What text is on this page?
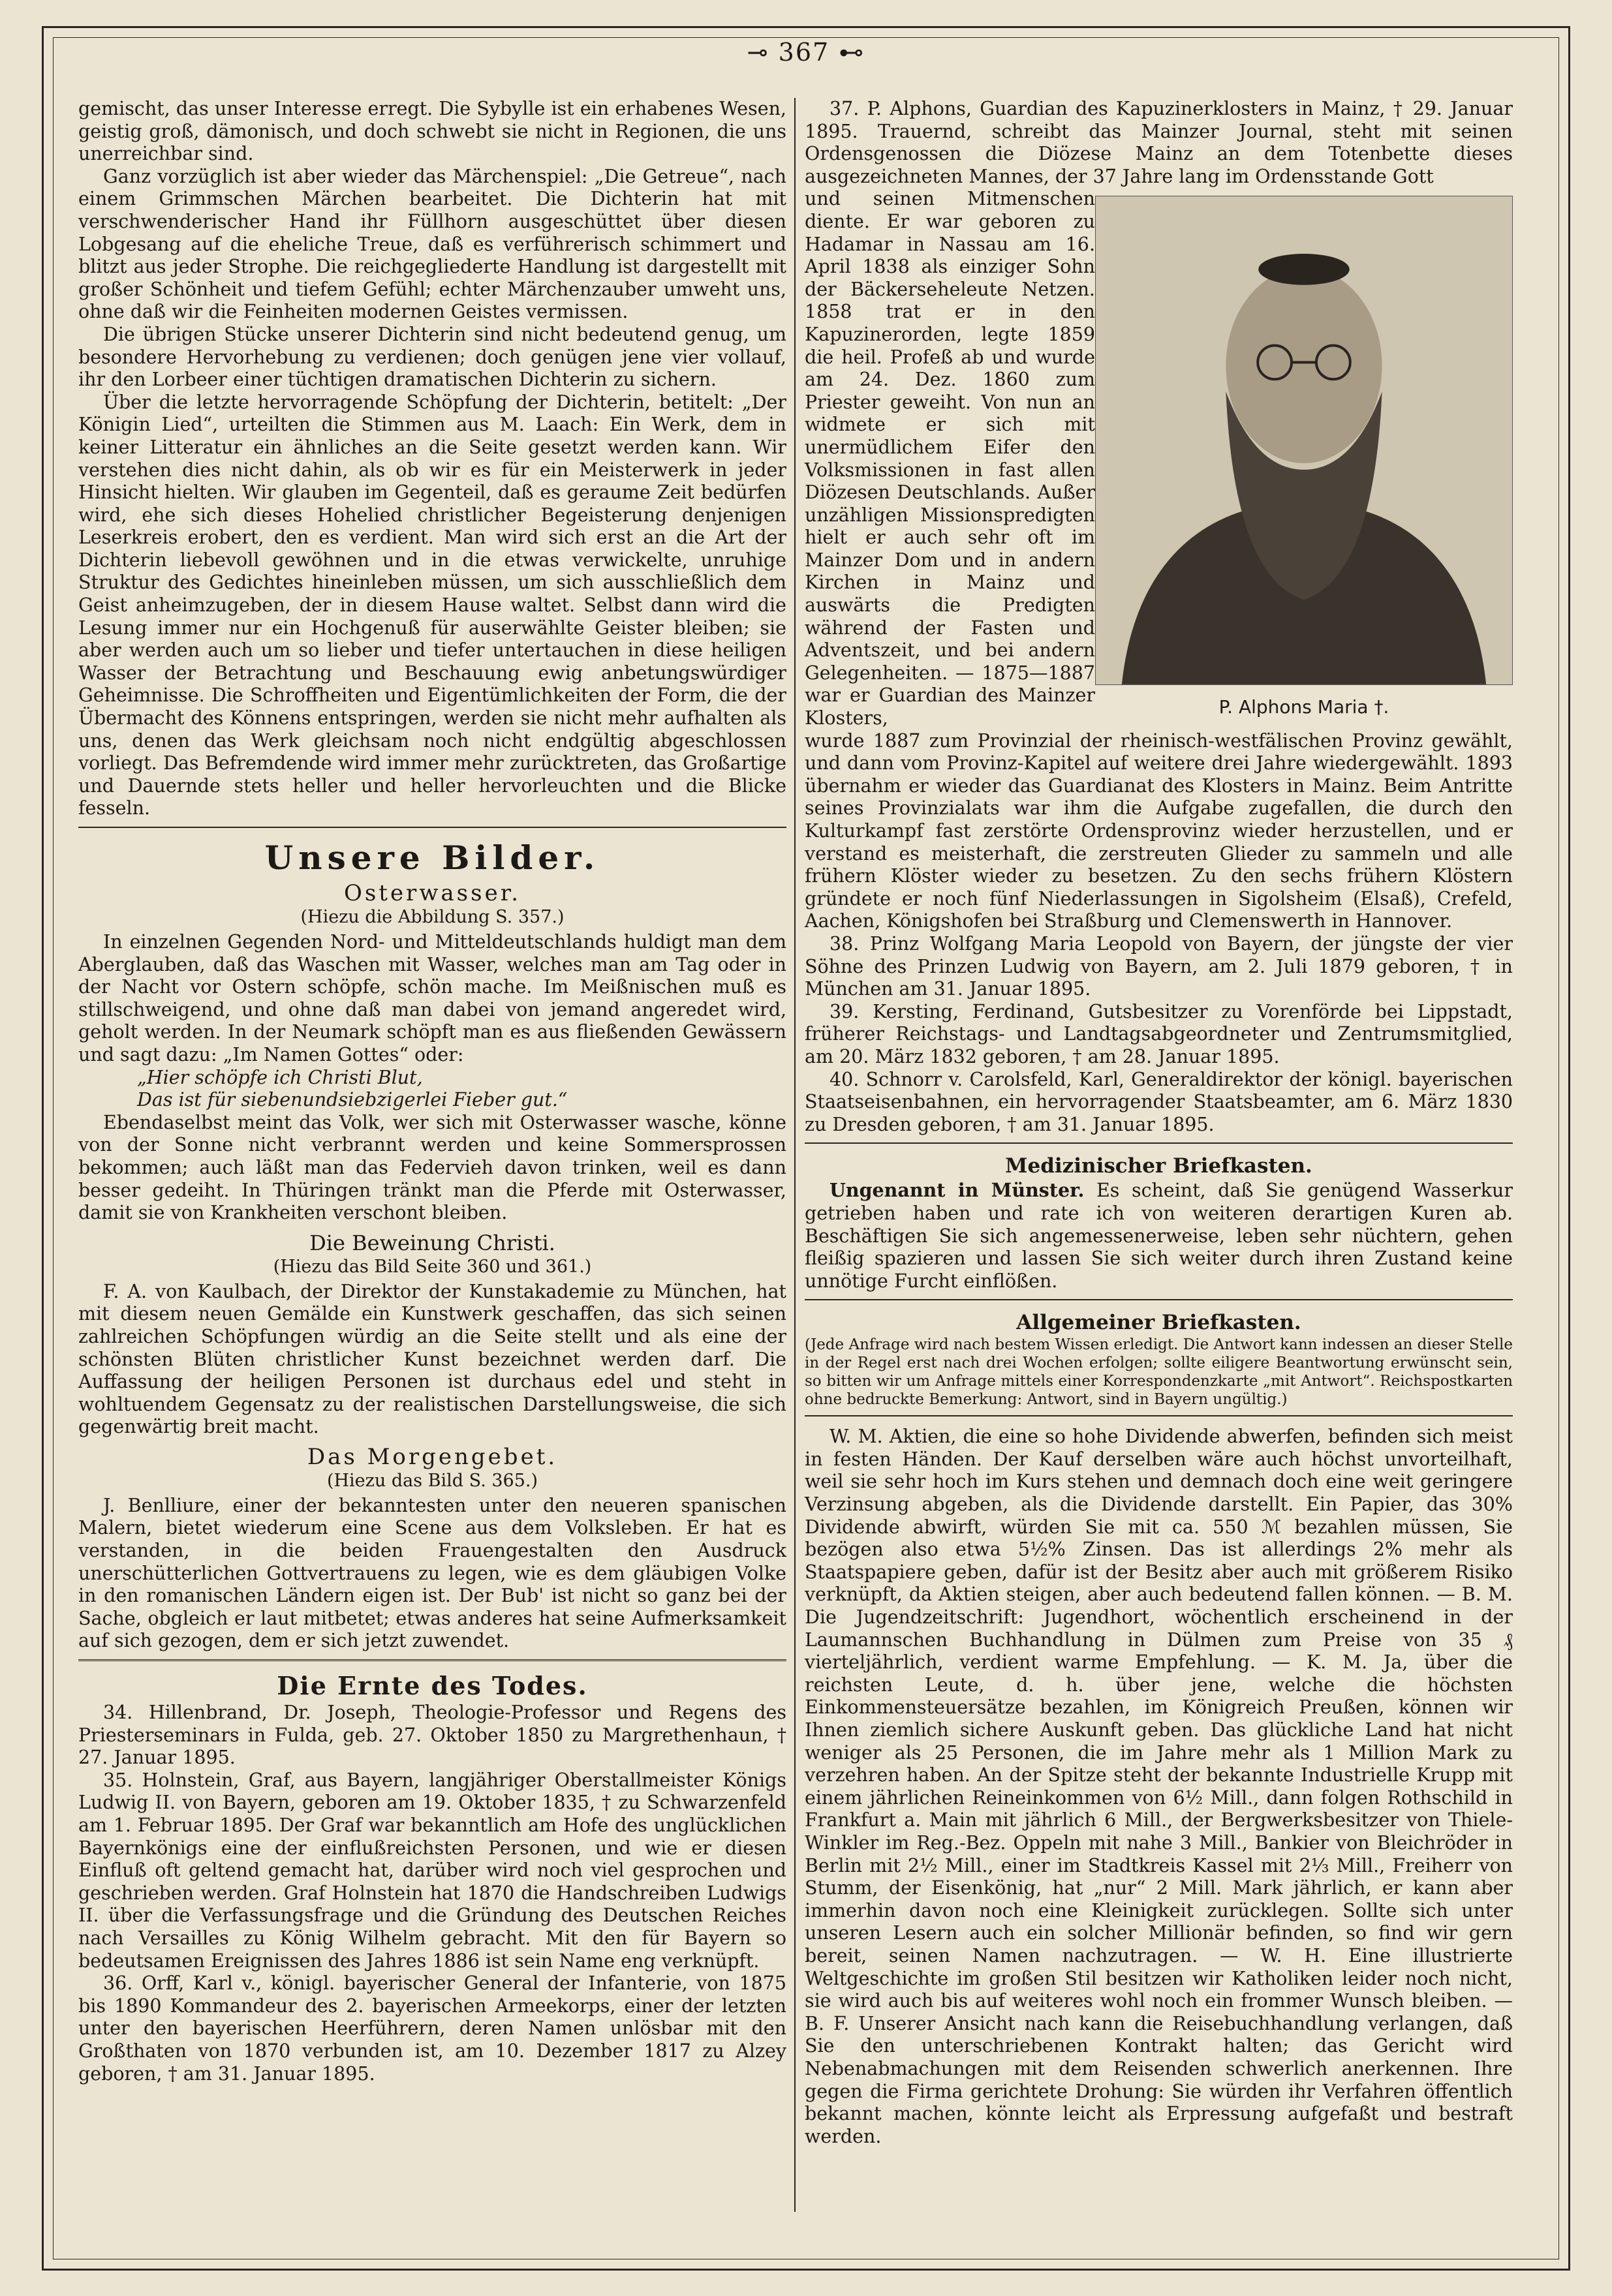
⊸ 367 ⊷

gemischt, das unser Interesse erregt. Die Sybylle ist ein erhabenes Wesen, geistig groß, dämonisch, und doch schwebt sie nicht in Regionen, die uns unerreichbar sind.

Ganz vorzüglich ist aber wieder das Märchenspiel: „Die Getreue“, nach einem Grimmschen Märchen bearbeitet. Die Dichterin hat mit verschwenderischer Hand ihr Füllhorn ausgeschüttet über diesen Lobgesang auf die eheliche Treue, daß es verführerisch schimmert und blitzt aus jeder Strophe. Die reichgegliederte Handlung ist dargestellt mit großer Schönheit und tiefem Gefühl; echter Märchenzauber umweht uns, ohne daß wir die Feinheiten modernen Geistes vermissen.

Die übrigen Stücke unserer Dichterin sind nicht bedeutend genug, um besondere Hervorhebung zu verdienen; doch genügen jene vier vollauf, ihr den Lorbeer einer tüchtigen dramatischen Dichterin zu sichern.

Über die letzte hervorragende Schöpfung der Dichterin, betitelt: „Der Königin Lied“, urteilten die Stimmen aus M. Laach: Ein Werk, dem in keiner Litteratur ein ähnliches an die Seite gesetzt werden kann. Wir verstehen dies nicht dahin, als ob wir es für ein Meisterwerk in jeder Hinsicht hielten. Wir glauben im Gegenteil, daß es geraume Zeit bedürfen wird, ehe sich dieses Hohelied christlicher Begeisterung denjenigen Leserkreis erobert, den es verdient. Man wird sich erst an die Art der Dichterin liebevoll gewöhnen und in die etwas verwickelte, unruhige Struktur des Gedichtes hineinleben müssen, um sich ausschließlich dem Geist anheimzugeben, der in diesem Hause waltet. Selbst dann wird die Lesung immer nur ein Hochgenuß für auserwählte Geister bleiben; sie aber werden auch um so lieber und tiefer untertauchen in diese heiligen Wasser der Betrachtung und Beschauung ewig anbetungswürdiger Geheimnisse. Die Schroffheiten und Eigentümlichkeiten der Form, die der Übermacht des Könnens entspringen, werden sie nicht mehr aufhalten als uns, denen das Werk gleichsam noch nicht endgültig abgeschlossen vorliegt. Das Befremdende wird immer mehr zurücktreten, das Großartige und Dauernde stets heller und heller hervorleuchten und die Blicke fesseln.

Unsere Bilder.
Osterwasser.
(Hiezu die Abbildung S. 357.)

In einzelnen Gegenden Nord- und Mitteldeutschlands huldigt man dem Aberglauben, daß das Waschen mit Wasser, welches man am Tag oder in der Nacht vor Ostern schöpfe, schön mache. Im Meißnischen muß es stillschweigend, und ohne daß man dabei von jemand angeredet wird, geholt werden. In der Neumark schöpft man es aus fließenden Gewässern und sagt dazu: „Im Namen Gottes“ oder:

„Hier schöpfe ich Christi Blut,
Das ist für siebenundsiebzigerlei Fieber gut.“

Ebendaselbst meint das Volk, wer sich mit Osterwasser wasche, könne von der Sonne nicht verbrannt werden und keine Sommersprossen bekommen; auch läßt man das Federvieh davon trinken, weil es dann besser gedeiht. In Thüringen tränkt man die Pferde mit Osterwasser, damit sie von Krankheiten verschont bleiben.

Die Beweinung Christi.
(Hiezu das Bild Seite 360 und 361.)

F. A. von Kaulbach, der Direktor der Kunstakademie zu München, hat mit diesem neuen Gemälde ein Kunstwerk geschaffen, das sich seinen zahlreichen Schöpfungen würdig an die Seite stellt und als eine der schönsten Blüten christlicher Kunst bezeichnet werden darf. Die Auffassung der heiligen Personen ist durchaus edel und steht in wohltuendem Gegensatz zu der realistischen Darstellungsweise, die sich gegenwärtig breit macht.

Das Morgengebet.
(Hiezu das Bild S. 365.)

J. Benlliure, einer der bekanntesten unter den neueren spanischen Malern, bietet wiederum eine Scene aus dem Volksleben. Er hat es verstanden, in die beiden Frauengestalten den Ausdruck unerschütterlichen Gottvertrauens zu legen, wie es dem gläubigen Volke in den romanischen Ländern eigen ist. Der Bub' ist nicht so ganz bei der Sache, obgleich er laut mitbetet; etwas anderes hat seine Aufmerksamkeit auf sich gezogen, dem er sich jetzt zuwendet.

Die Ernte des Todes.

34. Hillenbrand, Dr. Joseph, Theologie-Professor und Regens des Priesterseminars in Fulda, geb. 27. Oktober 1850 zu Margrethenhaun, † 27. Januar 1895.

35. Holnstein, Graf, aus Bayern, langjähriger Oberstallmeister Königs Ludwig II. von Bayern, geboren am 19. Oktober 1835, † zu Schwarzenfeld am 1. Februar 1895. Der Graf war bekanntlich am Hofe des unglücklichen Bayernkönigs eine der einflußreichsten Personen, und wie er diesen Einfluß oft geltend gemacht hat, darüber wird noch viel gesprochen und geschrieben werden. Graf Holnstein hat 1870 die Handschreiben Ludwigs II. über die Verfassungsfrage und die Gründung des Deutschen Reiches nach Versailles zu König Wilhelm gebracht. Mit den für Bayern so bedeutsamen Ereignissen des Jahres 1886 ist sein Name eng verknüpft.

36. Orff, Karl v., königl. bayerischer General der Infanterie, von 1875 bis 1890 Kommandeur des 2. bayerischen Armeekorps, einer der letzten unter den bayerischen Heerführern, deren Namen unlösbar mit den Großthaten von 1870 verbunden ist, am 10. Dezember 1817 zu Alzey geboren, † am 31. Januar 1895.

37. P. Alphons, Guardian des Kapuzinerklosters in Mainz, † 29. Januar 1895. Trauernd, schreibt das Mainzer Journal, steht mit seinen Ordensgenossen die Diözese Mainz an dem Totenbette dieses ausgezeichneten Mannes, der 37 Jahre lang im Ordensstande Gott

P. Alphons Maria †.

und seinen Mitmenschen diente. Er war geboren zu Hadamar in Nassau am 16. April 1838 als einziger Sohn der Bäckerseheleute Netzen. 1858 trat er in den Kapuzinerorden, legte 1859 die heil. Profeß ab und wurde am 24. Dez. 1860 zum Priester geweiht. Von nun an widmete er sich mit unermüdlichem Eifer den Volksmissionen in fast allen Diözesen Deutschlands. Außer unzähligen Missionspredigten hielt er auch sehr oft im Mainzer Dom und in andern Kirchen in Mainz und auswärts die Predigten während der Fasten und Adventszeit, und bei andern Gelegenheiten. — 1875—1887 war er Guardian des Mainzer Klosters,

wurde 1887 zum Provinzial der rheinisch-westfälischen Provinz gewählt, und dann vom Provinz-Kapitel auf weitere drei Jahre wiedergewählt. 1893 übernahm er wieder das Guardianat des Klosters in Mainz. Beim Antritte seines Provinzialats war ihm die Aufgabe zugefallen, die durch den Kulturkampf fast zerstörte Ordensprovinz wieder herzustellen, und er verstand es meisterhaft, die zerstreuten Glieder zu sammeln und alle frühern Klöster wieder zu besetzen. Zu den sechs frühern Klöstern gründete er noch fünf Niederlassungen in Sigolsheim (Elsaß), Crefeld, Aachen, Königshofen bei Straßburg und Clemenswerth in Hannover.

38. Prinz Wolfgang Maria Leopold von Bayern, der jüngste der vier Söhne des Prinzen Ludwig von Bayern, am 2. Juli 1879 geboren, † in München am 31. Januar 1895.

39. Kersting, Ferdinand, Gutsbesitzer zu Vorenförde bei Lippstadt, früherer Reichstags- und Landtagsabgeordneter und Zentrumsmitglied, am 20. März 1832 geboren, † am 28. Januar 1895.

40. Schnorr v. Carolsfeld, Karl, Generaldirektor der königl. bayerischen Staatseisenbahnen, ein hervorragender Staatsbeamter, am 6. März 1830 zu Dresden geboren, † am 31. Januar 1895.

Medizinischer Briefkasten.

Ungenannt in Münster. Es scheint, daß Sie genügend Wasserkur getrieben haben und rate ich von weiteren derartigen Kuren ab. Beschäftigen Sie sich angemessenerweise, leben sehr nüchtern, gehen fleißig spazieren und lassen Sie sich weiter durch ihren Zustand keine unnötige Furcht einflößen.

Allgemeiner Briefkasten.

(Jede Anfrage wird nach bestem Wissen erledigt. Die Antwort kann indessen an dieser Stelle in der Regel erst nach drei Wochen erfolgen; sollte eiligere Beantwortung erwünscht sein, so bitten wir um Anfrage mittels einer Korrespondenzkarte „mit Antwort“. Reichspostkarten ohne bedruckte Bemerkung: Antwort, sind in Bayern ungültig.)

W. M. Aktien, die eine so hohe Dividende abwerfen, befinden sich meist in festen Händen. Der Kauf derselben wäre auch höchst unvorteilhaft, weil sie sehr hoch im Kurs stehen und demnach doch eine weit geringere Verzinsung abgeben, als die Dividende darstellt. Ein Papier, das 30% Dividende abwirft, würden Sie mit ca. 550 ℳ bezahlen müssen, Sie bezögen also etwa 5½% Zinsen. Das ist allerdings 2% mehr als Staatspapiere geben, dafür ist der Besitz aber auch mit größerem Risiko verknüpft, da Aktien steigen, aber auch bedeutend fallen können. — B. M. Die Jugendzeitschrift: Jugendhort, wöchentlich erscheinend in der Laumannschen Buchhandlung in Dülmen zum Preise von 35 ₰ vierteljährlich, verdient warme Empfehlung. — K. M. Ja, über die reichsten Leute, d. h. über jene, welche die höchsten Einkommensteuersätze bezahlen, im Königreich Preußen, können wir Ihnen ziemlich sichere Auskunft geben. Das glückliche Land hat nicht weniger als 25 Personen, die im Jahre mehr als 1 Million Mark zu verzehren haben. An der Spitze steht der bekannte Industrielle Krupp mit einem jährlichen Reineinkommen von 6½ Mill., dann folgen Rothschild in Frankfurt a. Main mit jährlich 6 Mill., der Bergwerksbesitzer von Thiele-Winkler im Reg.-Bez. Oppeln mit nahe 3 Mill., Bankier von Bleichröder in Berlin mit 2½ Mill., einer im Stadtkreis Kassel mit 2⅓ Mill., Freiherr von Stumm, der Eisenkönig, hat „nur“ 2 Mill. Mark jährlich, er kann aber immerhin davon noch eine Kleinigkeit zurücklegen. Sollte sich unter unseren Lesern auch ein solcher Millionär befinden, so find wir gern bereit, seinen Namen nachzutragen. — W. H. Eine illustrierte Weltgeschichte im großen Stil besitzen wir Katholiken leider noch nicht, sie wird auch bis auf weiteres wohl noch ein frommer Wunsch bleiben. — B. F. Unserer Ansicht nach kann die Reisebuchhandlung verlangen, daß Sie den unterschriebenen Kontrakt halten; das Gericht wird Nebenabmachungen mit dem Reisenden schwerlich anerkennen. Ihre gegen die Firma gerichtete Drohung: Sie würden ihr Verfahren öffentlich bekannt machen, könnte leicht als Erpressung aufgefaßt und bestraft werden.
